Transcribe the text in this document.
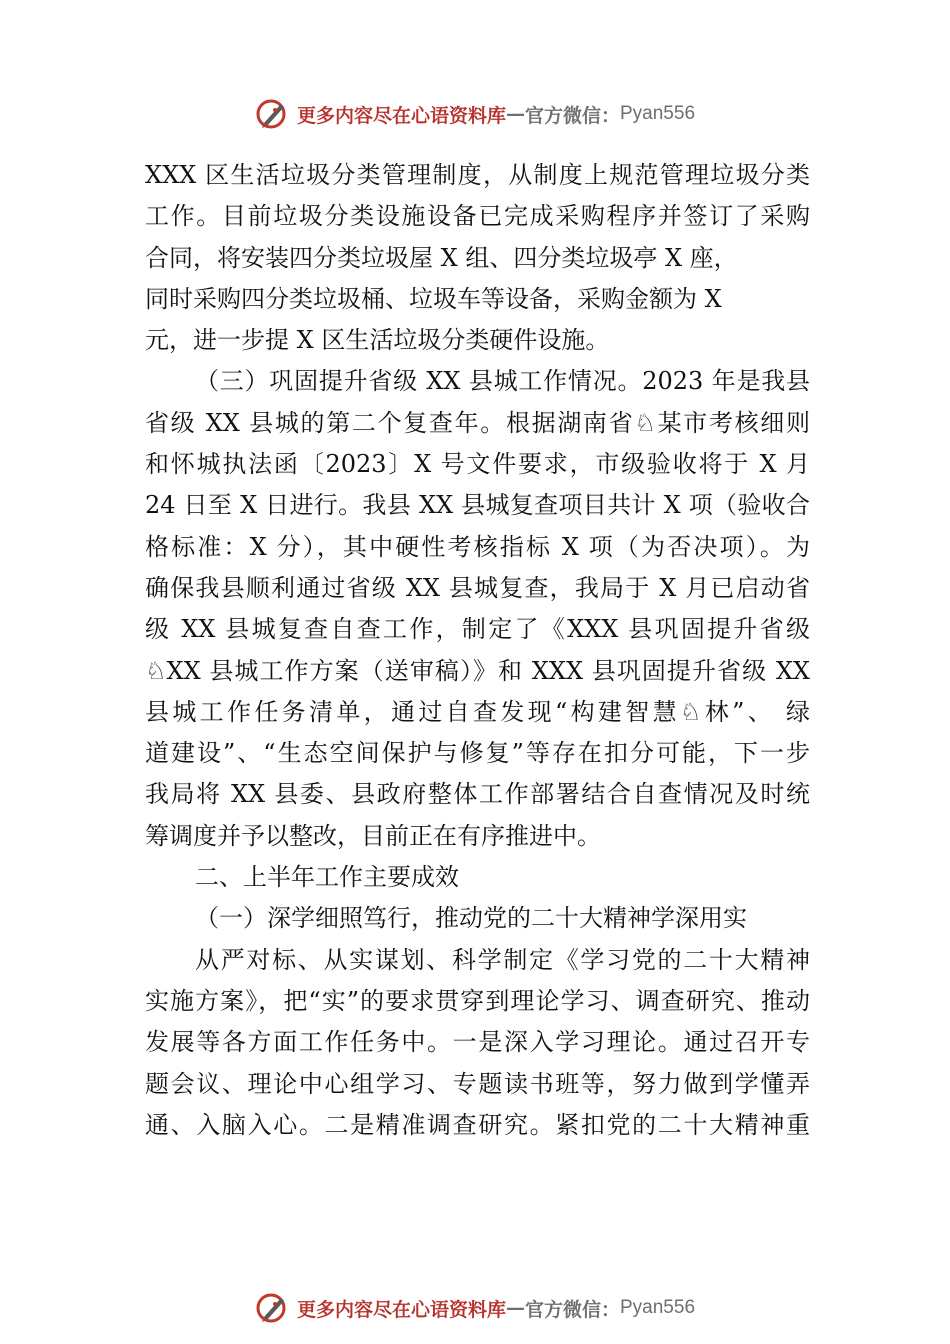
更多内容尽在心语资料库 — 官方微信： Pyan556
XXX 区生活垃圾分类管理制度，从制度上规范管理垃圾分类
工作。目前垃圾分类设施设备已完成采购程序并签订了采购
合同，将安装四分类垃圾屋 X 组、四分类垃圾亭 X 座，
同时采购四分类垃圾桶、垃圾车等设备，采购金额为 X
元，进一步提 X 区生活垃圾分类硬件设施。
（三）巩固提升省级 XX 县城工作情况。2023 年是我县
省级 XX 县城的第二个复查年。根据湖南省♘某市考核细则
和怀城执法函〔2023〕X 号文件要求，市级验收将于 X 月
24 日至 X 日进行。我县 XX 县城复查项目共计 X 项（验收合
格标准：X 分），其中硬性考核指标 X 项（为否决项）。为
确保我县顺利通过省级 XX 县城复查，我局于 X 月已启动省
级 XX 县城复查自查工作，制定了《XXX 县巩固提升省级
♘XX 县城工作方案（送审稿）》和 XXX 县巩固提升省级 XX
县城工作任务清单，通过自查发现“构建智慧♘林”、 绿
道建设”、“生态空间保护与修复”等存在扣分可能，下一步
我局将 XX 县委、县政府整体工作部署结合自查情况及时统
筹调度并予以整改，目前正在有序推进中。
二、上半年工作主要成效
（一）深学细照笃行，推动党的二十大精神学深用实
从严对标、从实谋划、科学制定《学习党的二十大精神
实施方案》，把“实”的要求贯穿到理论学习、调查研究、推动
发展等各方面工作任务中。一是深入学习理论。通过召开专
题会议、理论中心组学习、专题读书班等，努力做到学懂弄
通、入脑入心。二是精准调查研究。紧扣党的二十大精神重
更多内容尽在心语资料库 — 官方微信： Pyan556
